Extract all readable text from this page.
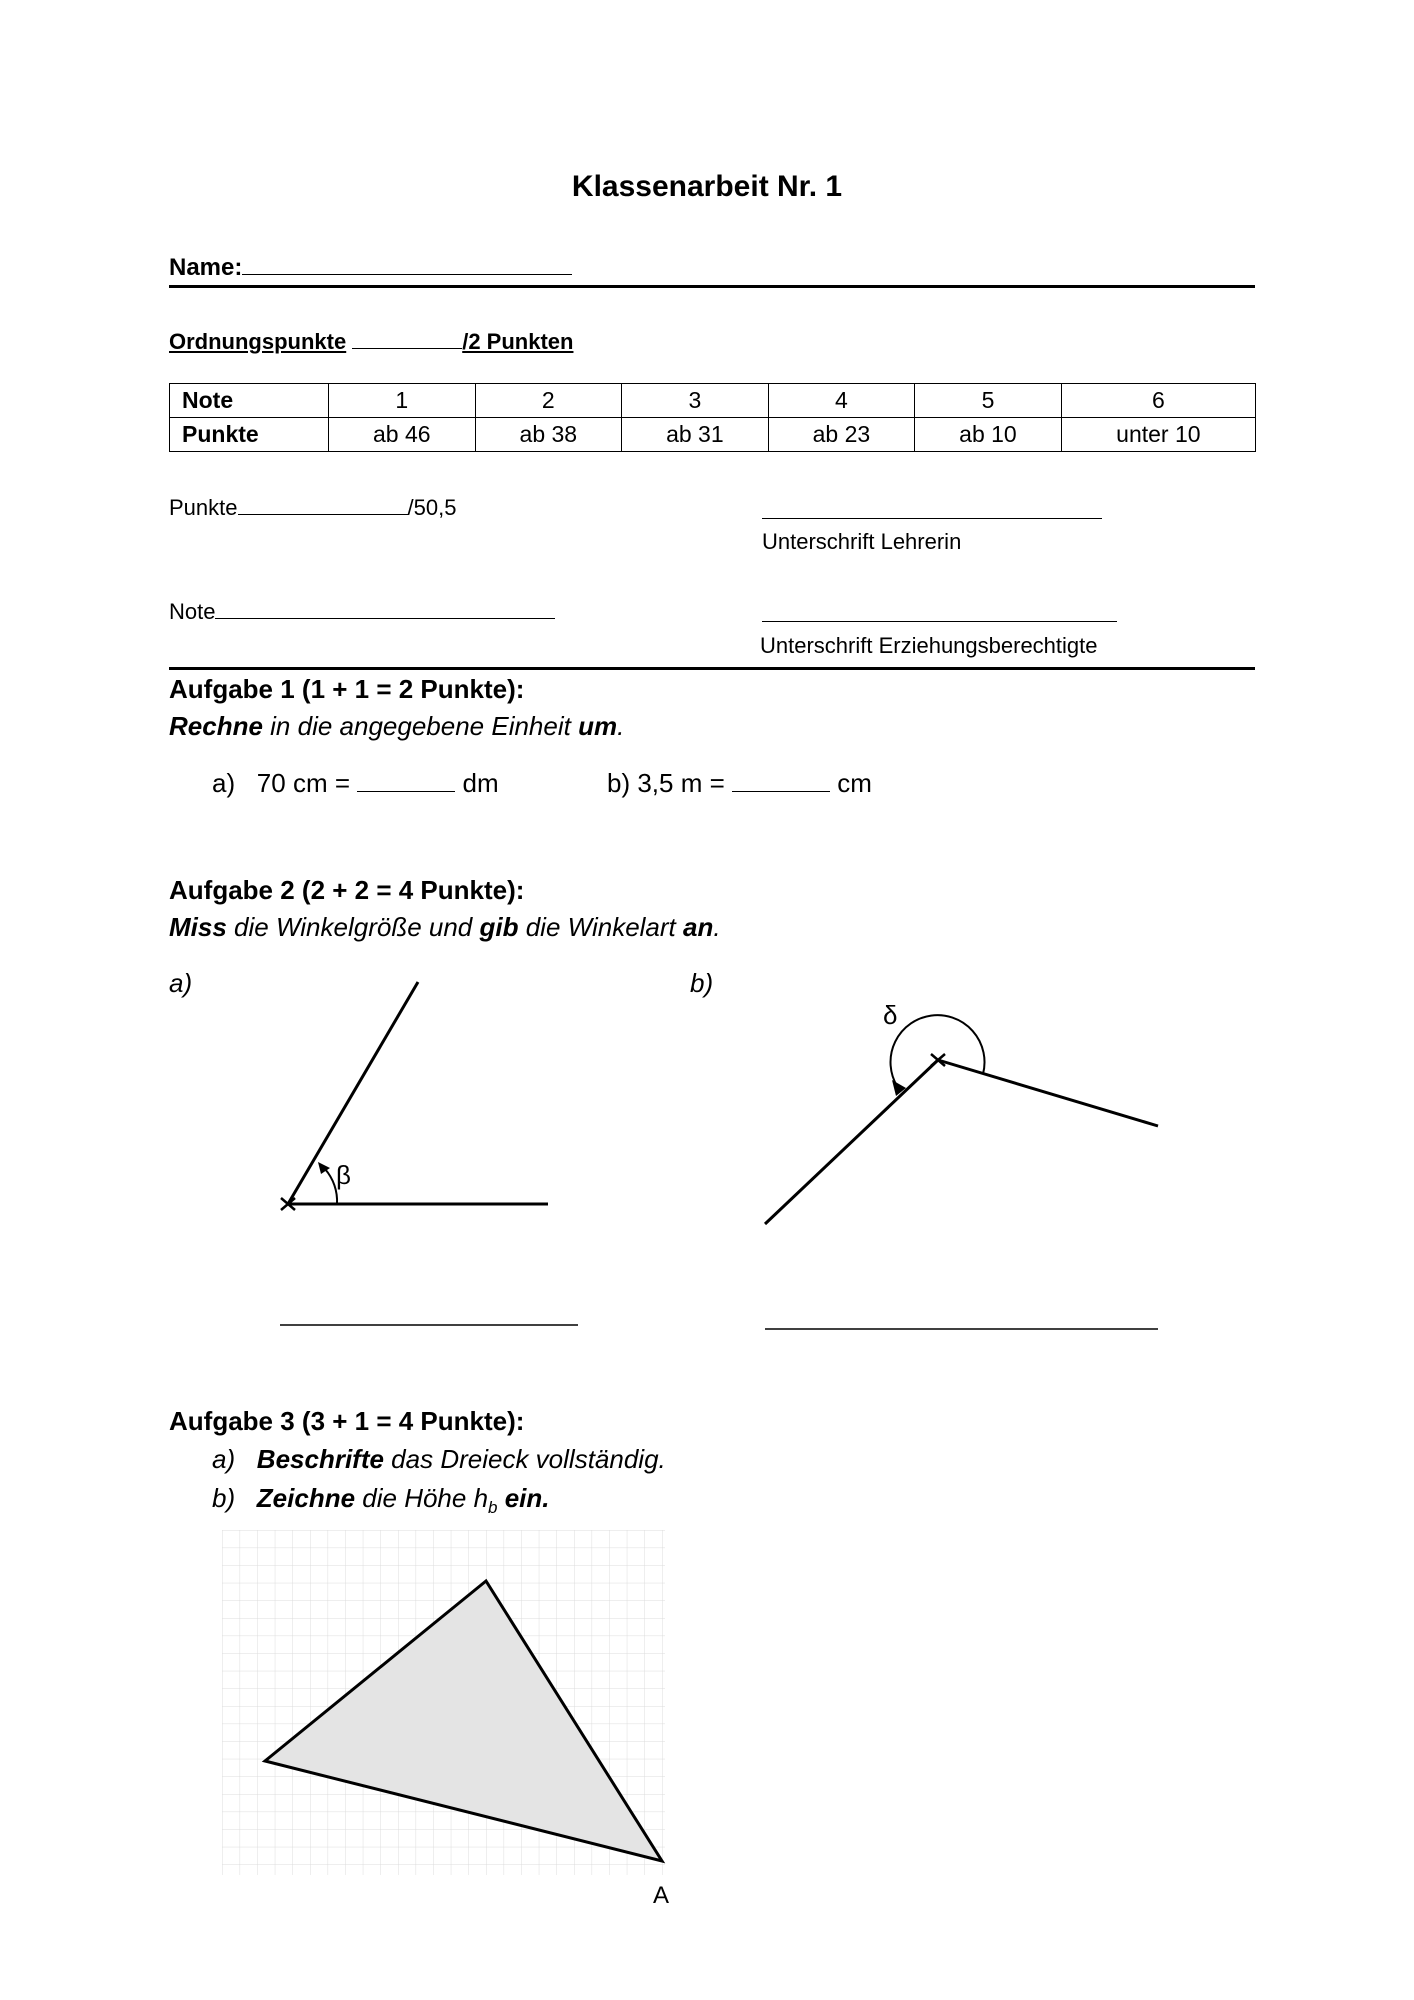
Klassenarbeit Nr. 1
Name:
Ordnungspunkte	/2 Punkten
Note	1	2	3	4	5	6
Punkte	ab 46	ab 38	ab 31	ab 23	ab 10	unter 10
Punkte	/50,5
Unterschrift Lehrerin
Note
Unterschrift Erziehungsberechtigte
Aufgabe 1 (1 + 1 = 2 Punkte):
Rechne in die angegebene Einheit um.
a) 70 cm =	dm	b) 3,5 m =	cm
Aufgabe 2 (2 + 2 = 4 Punkte):
Miss die Winkelgröße und gib die Winkelart an.
a)	b)
β
δ
Aufgabe 3 (3 + 1 = 4 Punkte):
a) Beschrifte das Dreieck vollständig.
b) Zeichne die Höhe $h_b$ ein.
A
